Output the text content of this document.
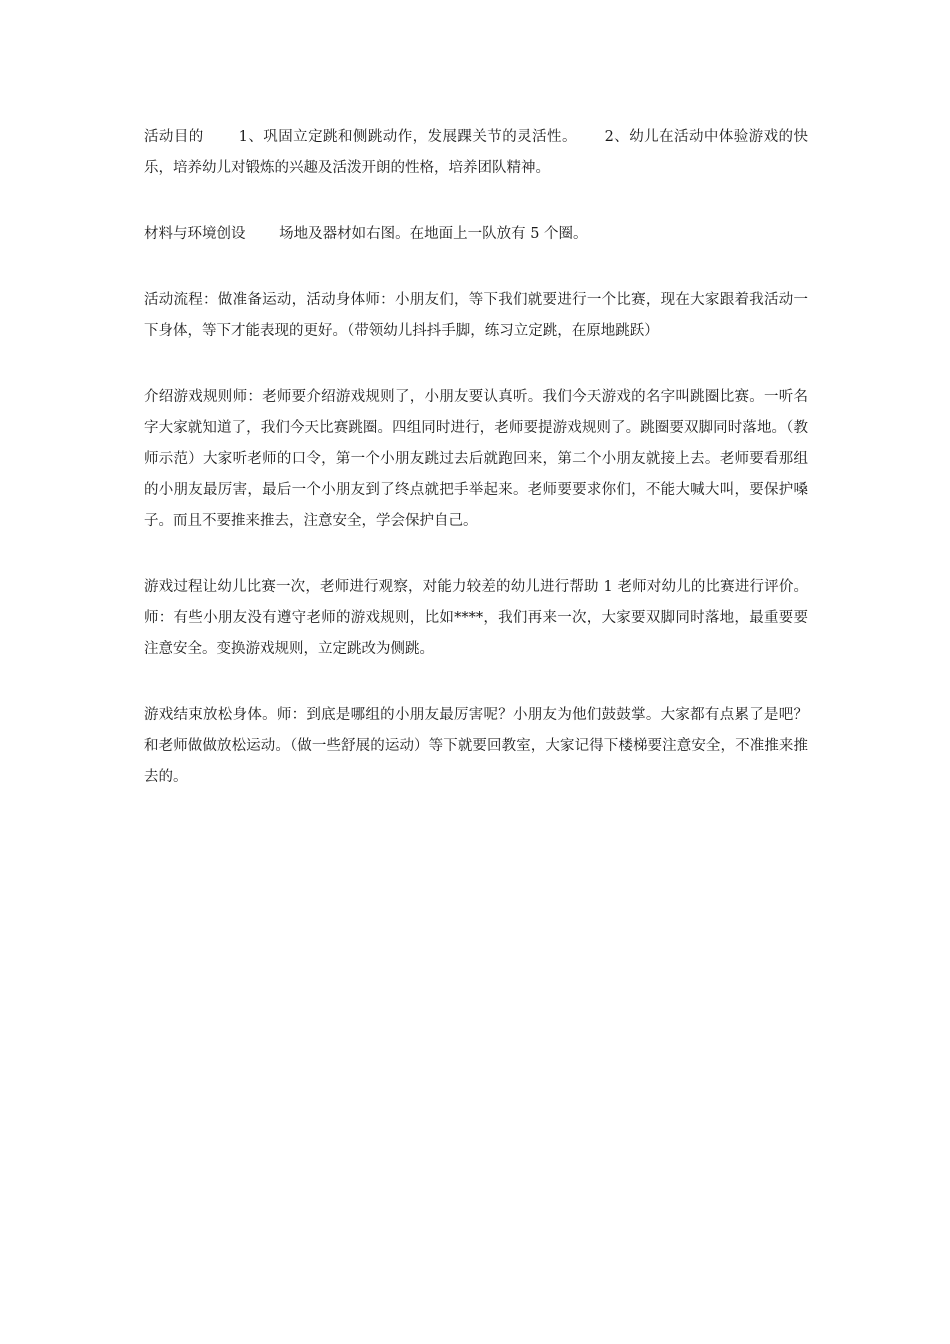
活动目的　　 1、巩固立定跳和侧跳动作，发展踝关节的灵活性。　　 2、幼儿在活动中体验游戏的快乐，培养幼儿对锻炼的兴趣及活泼开朗的性格，培养团队精神。

材料与环境创设　　 场地及器材如右图。在地面上一队放有 5 个圈。

活动流程：做准备运动，活动身体师：小朋友们，等下我们就要进行一个比赛，现在大家跟着我活动一下身体，等下才能表现的更好。（带领幼儿抖抖手脚，练习立定跳，在原地跳跃）

介绍游戏规则师：老师要介绍游戏规则了，小朋友要认真听。我们今天游戏的名字叫跳圈比赛。一听名字大家就知道了，我们今天比赛跳圈。四组同时进行，老师要提游戏规则了。跳圈要双脚同时落地。（教师示范）大家听老师的口令，第一个小朋友跳过去后就跑回来，第二个小朋友就接上去。老师要看那组的小朋友最厉害，最后一个小朋友到了终点就把手举起来。老师要要求你们，不能大喊大叫，要保护嗓子。而且不要推来推去，注意安全，学会保护自己。

游戏过程让幼儿比赛一次，老师进行观察，对能力较差的幼儿进行帮助 1 老师对幼儿的比赛进行评价。师：有些小朋友没有遵守老师的游戏规则，比如****，我们再来一次，大家要双脚同时落地，最重要要注意安全。变换游戏规则，立定跳改为侧跳。

游戏结束放松身体。师：到底是哪组的小朋友最厉害呢？小朋友为他们鼓鼓掌。大家都有点累了是吧？和老师做做放松运动。（做一些舒展的运动）等下就要回教室，大家记得下楼梯要注意安全，不准推来推去的。
